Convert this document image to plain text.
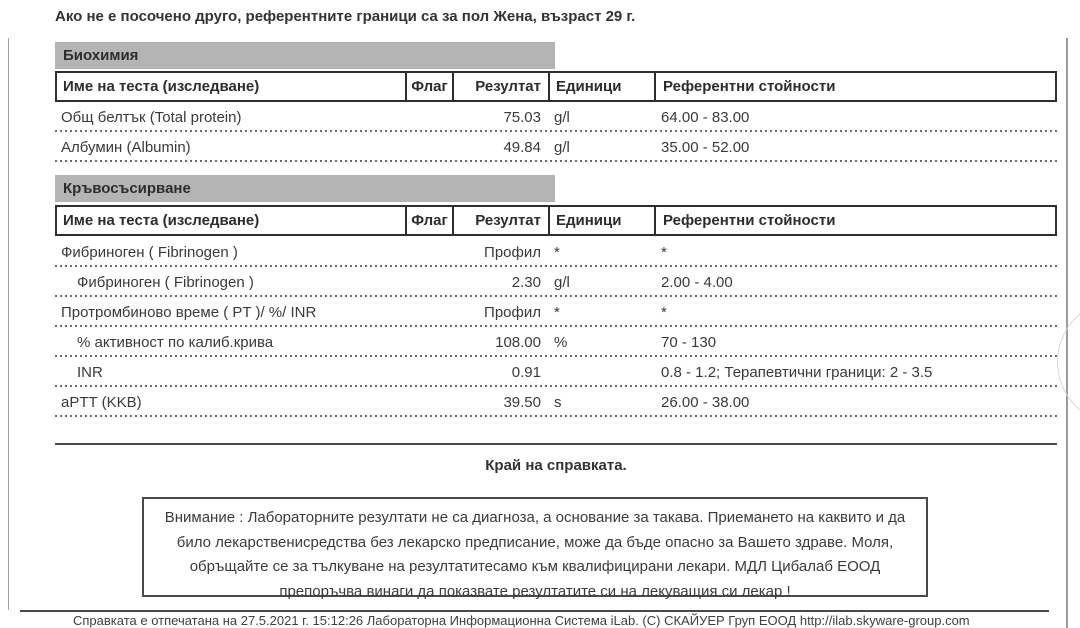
Ако не е посочено друго, референтните граници са за пол Жена, възраст 29 г.
Биохимия
Име на теста (изследване)	Флаг	Резултат	Единици	Референтни стойности
Общ белтък (Total protein)	75.03 g/l	64.00 - 83.00
Албумин (Albumin)	49.84 g/l	35.00 - 52.00
Кръвосъсирване
Име на теста (изследване)	Флаг	Резултат	Единици	Референтни стойности
Фибриноген ( Fibrinogen )	Профил *	*
Фибриноген ( Fibrinogen )	2.30 g/l	2.00 - 4.00
Протромбиново време ( PT )/ %/ INR	Профил *	*
% активност по калиб.крива	108.00 %	70 - 130
INR	0.91	0.8 - 1.2; Терапевтични граници: 2 - 3.5
aPTT (KKB)	39.50 s	26.00 - 38.00
Край на справката.
Внимание : Лабораторните резултати не са диагноза, а основание за такава. Приемането на каквито и да
било лекарственисредства без лекарско предписание, може да бъде опасно за Вашето здраве. Моля,
обръщайте се за тълкуване на резултатитесамо към квалифицирани лекари. МДЛ Цибалаб ЕООД
препоръчва винаги да показвате резултатите си на лекуващия си лекар !
Справката е отпечатана на 27.5.2021 г. 15:12:26 Лабораторна Информационна Система iLab. (С) СКАЙУЕР Груп ЕООД http://ilab.skyware-group.com
